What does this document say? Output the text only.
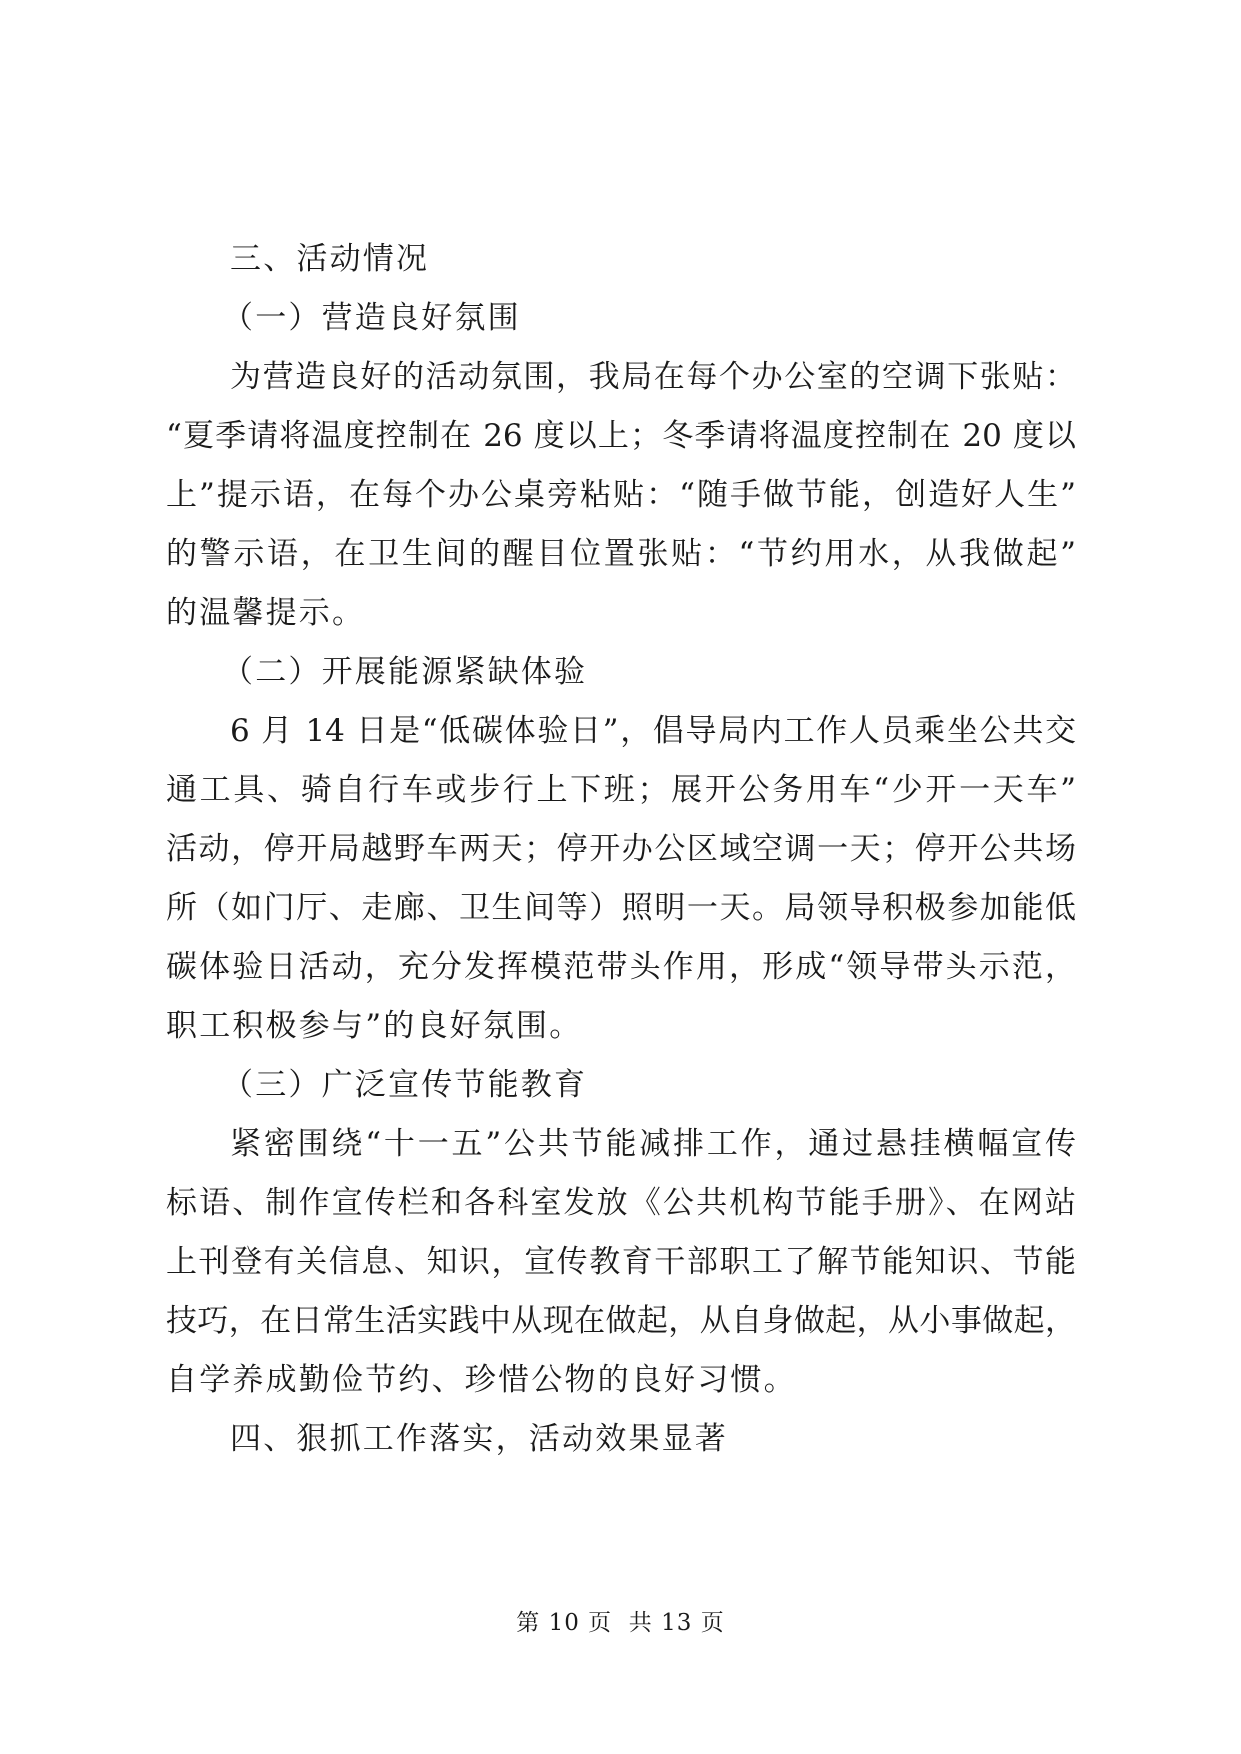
三、活动情况
（一）营造良好氛围
为营造良好的活动氛围，我局在每个办公室的空调下张贴：
“夏季请将温度控制在 26 度以上；冬季请将温度控制在 20 度以
上”提示语，在每个办公桌旁粘贴：“随手做节能，创造好人生”
的警示语，在卫生间的醒目位置张贴：“节约用水，从我做起”
的温馨提示。
（二）开展能源紧缺体验
6 月 14 日是“低碳体验日”，倡导局内工作人员乘坐公共交
通工具、骑自行车或步行上下班；展开公务用车“少开一天车”
活动，停开局越野车两天；停开办公区域空调一天；停开公共场
所（如门厅、走廊、卫生间等）照明一天。局领导积极参加能低
碳体验日活动，充分发挥模范带头作用，形成“领导带头示范，
职工积极参与”的良好氛围。
（三）广泛宣传节能教育
紧密围绕“十一五”公共节能减排工作，通过悬挂横幅宣传
标语、制作宣传栏和各科室发放《公共机构节能手册》、在网站
上刊登有关信息、知识，宣传教育干部职工了解节能知识、节能
技巧，在日常生活实践中从现在做起，从自身做起，从小事做起，
自学养成勤俭节约、珍惜公物的良好习惯。
四、狠抓工作落实，活动效果显著
第 10 页  共 13 页
